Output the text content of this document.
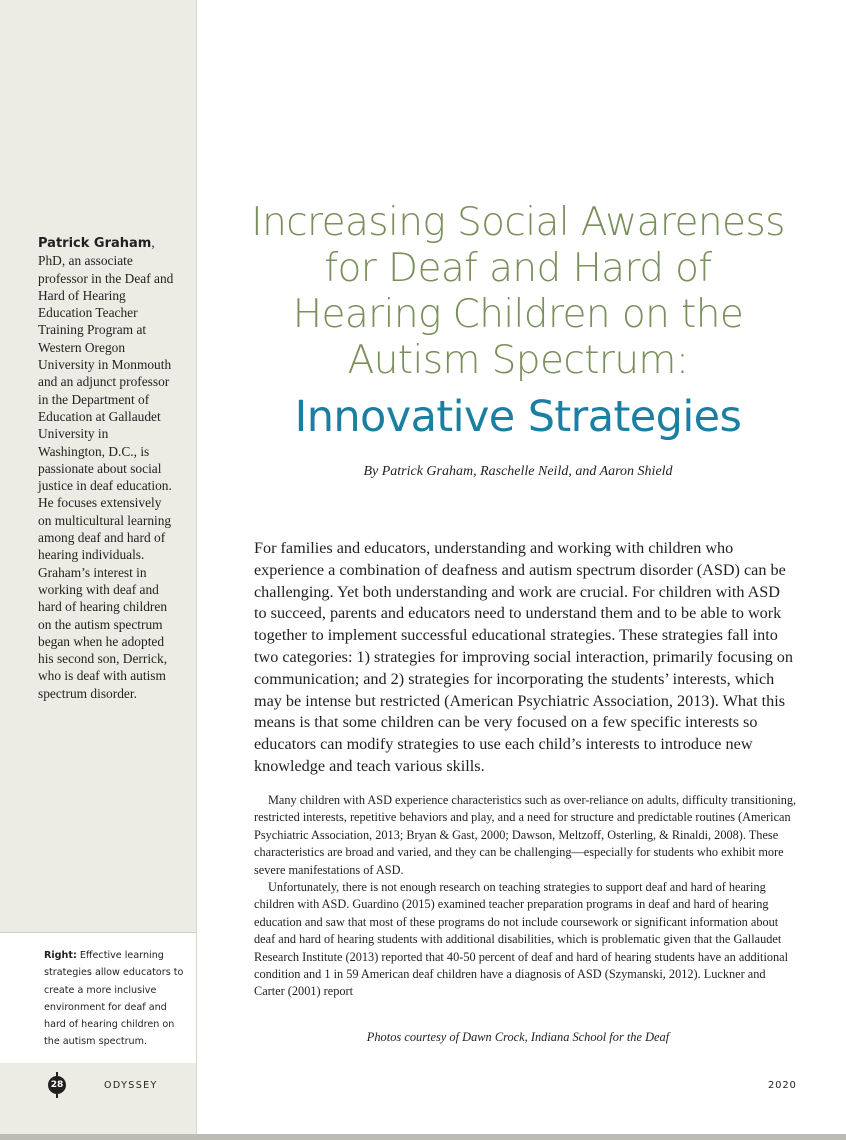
Patrick Graham, PhD, an associate professor in the Deaf and Hard of Hearing Education Teacher Training Program at Western Oregon University in Monmouth and an adjunct professor in the Department of Education at Gallaudet University in Washington, D.C., is passionate about social justice in deaf education. He focuses extensively on multicultural learning among deaf and hard of hearing individuals. Graham’s interest in working with deaf and hard of hearing children on the autism spectrum began when he adopted his second son, Derrick, who is deaf with autism spectrum disorder.
Right: Effective learning strategies allow educators to create a more inclusive environment for deaf and hard of hearing children on the autism spectrum.
28	ODYSSEY	2020
Increasing Social Awareness
for Deaf and Hard of
Hearing Children on the
Autism Spectrum:
Innovative Strategies
By Patrick Graham, Raschelle Neild, and Aaron Shield

For families and educators, understanding and working with children who experience a combination of deafness and autism spectrum disorder (ASD) can be challenging. Yet both understanding and work are crucial. For children with ASD to succeed, parents and educators need to understand them and to be able to work together to implement successful educational strategies. These strategies fall into two categories: 1) strategies for improving social interaction, primarily focusing on communication; and 2) strategies for incorporating the students’ interests, which may be intense but restricted (American Psychiatric Association, 2013). What this means is that some children can be very focused on a few specific interests so educators can modify strategies to use each child’s interests to introduce new knowledge and teach various skills.

Many children with ASD experience characteristics such as over-reliance on adults, difficulty transitioning, restricted interests, repetitive behaviors and play, and a need for structure and predictable routines (American Psychiatric Association, 2013; Bryan & Gast, 2000; Dawson, Meltzoff, Osterling, & Rinaldi, 2008). These characteristics are broad and varied, and they can be challenging—especially for students who exhibit more severe manifestations of ASD.

Unfortunately, there is not enough research on teaching strategies to support deaf and hard of hearing children with ASD. Guardino (2015) examined teacher preparation programs in deaf and hard of hearing education and saw that most of these programs do not include coursework or significant information about deaf and hard of hearing students with additional disabilities, which is problematic given that the Gallaudet Research Institute (2013) reported that 40-50 percent of deaf and hard of hearing students have an additional condition and 1 in 59 American deaf children have a diagnosis of ASD (Szymanski, 2012). Luckner and Carter (2001) report

Photos courtesy of Dawn Crock, Indiana School for the Deaf
